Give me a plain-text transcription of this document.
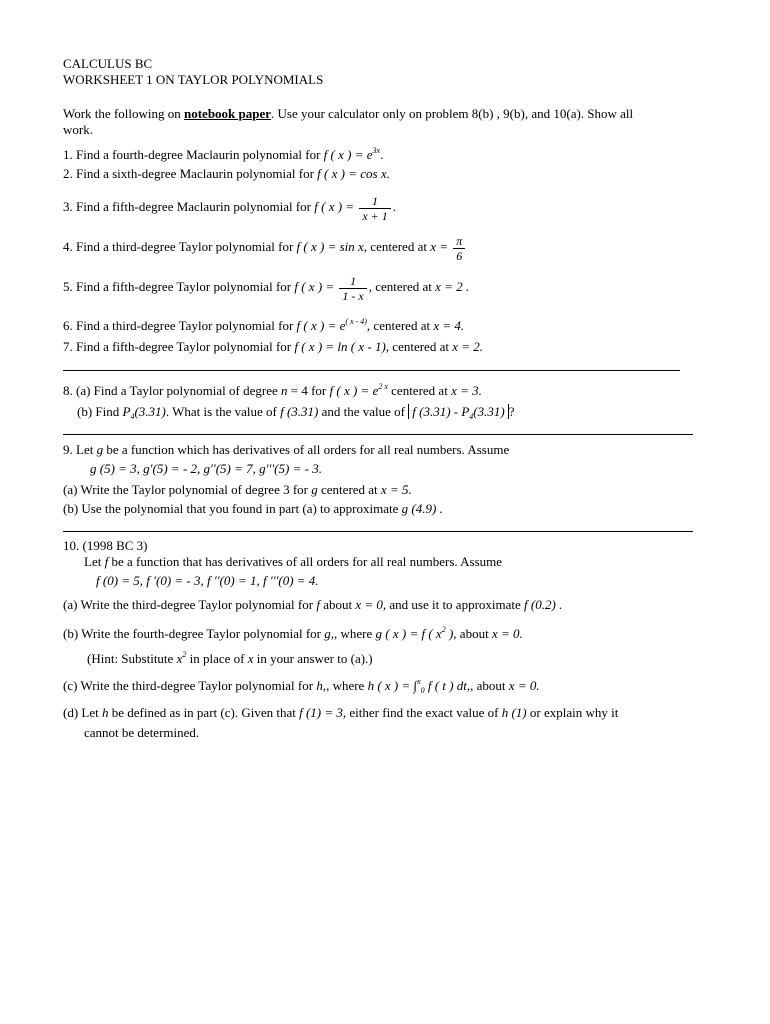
CALCULUS BC
WORKSHEET 1 ON TAYLOR POLYNOMIALS
Work the following on notebook paper. Use your calculator only on problem 8(b) , 9(b), and 10(a). Show all
work.
1. Find a fourth-degree Maclaurin polynomial for f ( x ) = $e^{3x}$.
2. Find a sixth-degree Maclaurin polynomial for f ( x ) = cos x.
3. Find a fifth-degree Maclaurin polynomial for f ( x ) = $\frac{1}{x + 1}$ .
4. Find a third-degree Taylor polynomial for f ( x ) = sin x, centered at $x = \frac{\pi}{6}$
5. Find a fifth-degree Taylor polynomial for f ( x ) = $\frac{1}{1 - x}$ , centered at x = 2 .
6. Find a third-degree Taylor polynomial for f ( x ) = $e^{( x - 4)}$, centered at x = 4.
7. Find a fifth-degree Taylor polynomial for f ( x ) = ln ( x - 1), centered at x = 2.
8. (a) Find a Taylor polynomial of degree n = 4 for f ( x ) = $e^{2 x}$ centered at x = 3.
(b) Find $P_4(3.31)$. What is the value of f (3.31) and the value of f $(3.31) - P_4(3.31)$ ?
9. Let g be a function which has derivatives of all orders for all real numbers. Assume
g (5) = 3, g′(5) = - 2, g′′(5) = 7, g′′′(5) = - 3.
(a) Write the Taylor polynomial of degree 3 for g centered at x = 5.
(b) Use the polynomial that you found in part (a) to approximate g (4.9) .
10. (1998 BC 3)
Let f be a function that has derivatives of all orders for all real numbers. Assume
f (0) = 5, f ′(0) = - 3, f ′′(0) = 1, f ′′′(0) = 4.
(a) Write the third-degree Taylor polynomial for f about x = 0, and use it to approximate f (0.2) .
(b) Write the fourth-degree Taylor polynomial for g,, where g ( x ) = f ( $x^2$ ), about x = 0.
(Hint: Substitute $x^2$ in place of x in your answer to (a).)
(c) Write the third-degree Taylor polynomial for h,, where h ( x ) = ∫$^x_0$ f ( t ) dt,, about x = 0.
(d) Let h be defined as in part (c). Given that f (1) = 3, either find the exact value of h (1) or explain why it
cannot be determined.
